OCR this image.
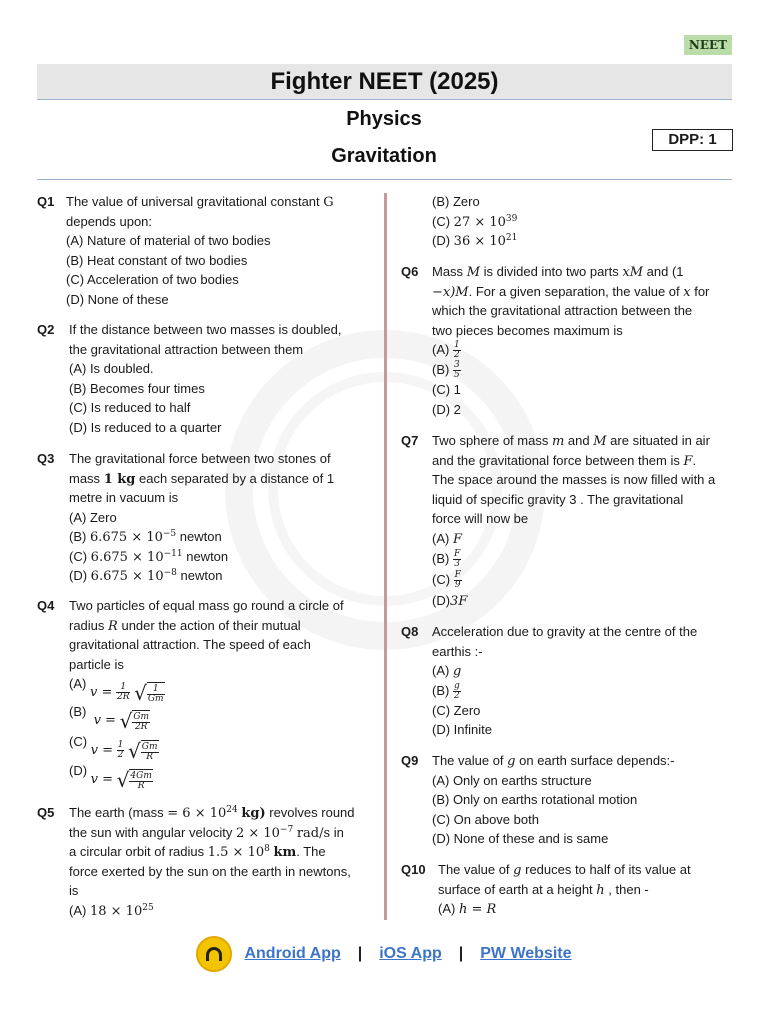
NEET
Fighter NEET (2025)
Physics
Gravitation
DPP: 1
Q1 The value of universal gravitational constant G
depends upon:
(A) Nature of material of two bodies
(B) Heat constant of two bodies
(C) Acceleration of two bodies
(D) None of these
Q2 If the distance between two masses is doubled,
the gravitational attraction between them
(A) Is doubled.
(B) Becomes four times
(C) Is reduced to half
(D) Is reduced to a quarter
Q3 The gravitational force between two stones of
mass 1 kg each separated by a distance of 1
metre in vacuum is
(A) Zero
(B) $6.675 \times 10^{-5}$ newton
(C) $6.675 \times 10^{-11}$ newton
(D) $6.675 \times 10^{-8}$ newton
Q4 Two particles of equal mass go round a circle of
radius R under the action of their mutual
gravitational attraction. The speed of each
particle is
(A) $v = \frac{1}{2R}$ √ $\frac{1}{Gm}$
(B)  v = √ $\frac{Gm}{2R}$
(C) $v = \frac{1}{2}$ √ $\frac{Gm}{R}$
(D) v = √ $\frac{4Gm}{R}$
Q5 The earth (mass = $6 \times 10^{24}$ kg) revolves round
the sun with angular velocity $2 \times 10^{-7}$ rad/s in
a circular orbit of radius $1.5 \times 10^8$ km. The
force exerted by the sun on the earth in newtons,
is
(A) $18 \times 10^{25}$
(B) Zero
(C) $27 \times 10^{39}$
(D) $36 \times 10^{21}$
Q6 Mass M is divided into two parts xM and (1
−x)M. For a given separation, the value of x for
which the gravitational attraction between the
two pieces becomes maximum is
$(A) \frac{1}{2}$
$(B) \frac{3}{5}$
(C) 1
(D) 2
Q7 Two sphere of mass m and M are situated in air
and the gravitational force between them is F.
The space around the masses is now filled with a
liquid of specific gravity 3 . The gravitational
force will now be
(A) F
$(B) \frac{F}{3}$
$(C) \frac{F}{9}$
(D)3F
Q8 Acceleration due to gravity at the centre of the
earthis :-
(A) g
$(B) \frac{g}{2}$
(C) Zero
(D) Infinite
Q9 The value of g on earth surface depends:-
(A) Only on earths structure
(B) Only on earths rotational motion
(C) On above both
(D) None of these and is same
Q10 The value of g reduces to half of its value at
surface of earth at a height h , then -
(A) h = R
Android App | iOS App | PW Website
